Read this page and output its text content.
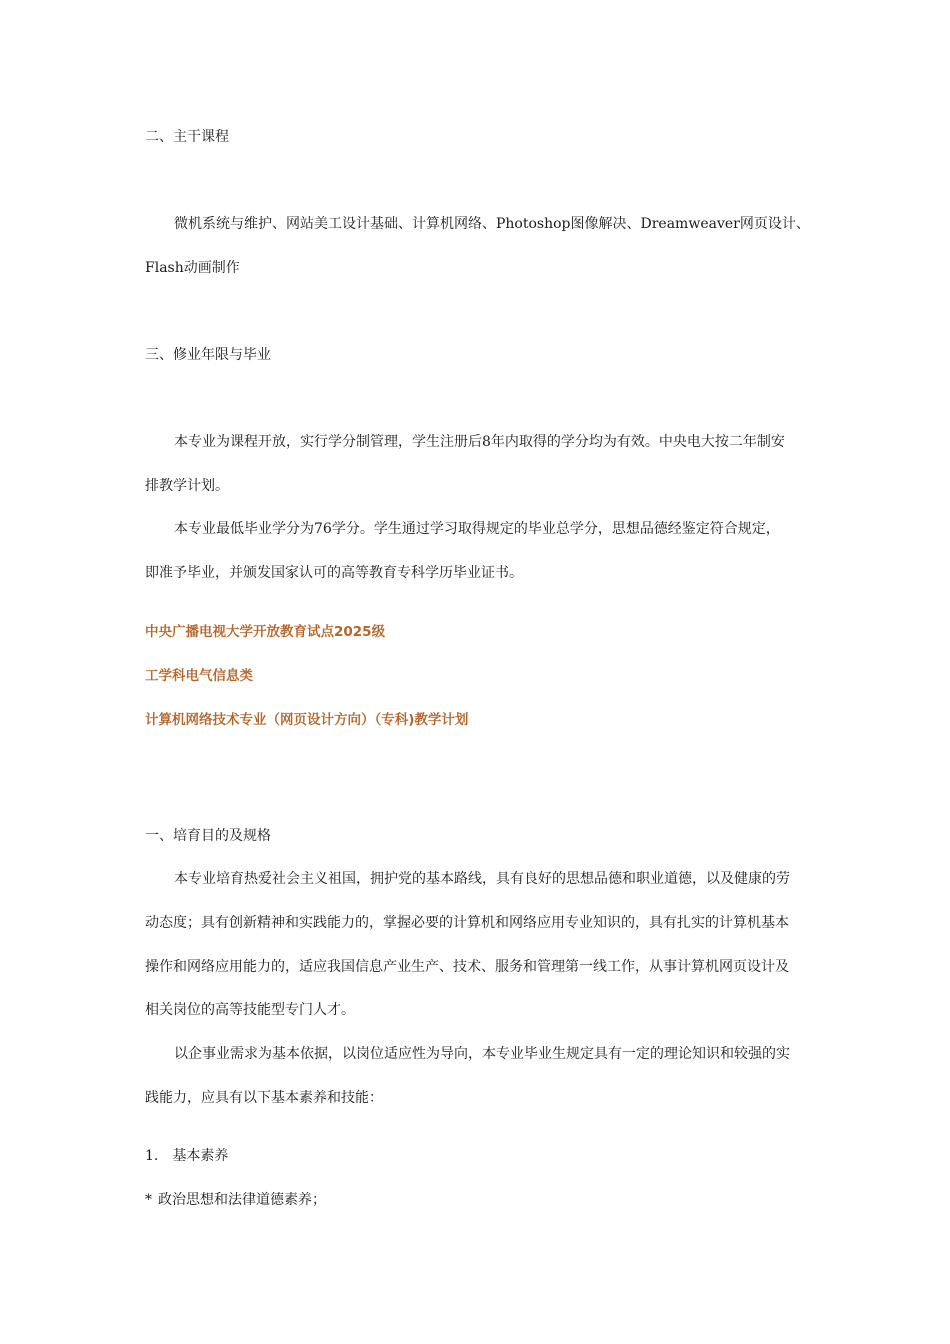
二、主干课程
微机系统与维护、网站美工设计基础、计算机网络、Photoshop图像解决、Dreamweaver网页设计、
Flash动画制作
三、修业年限与毕业
本专业为课程开放，实行学分制管理，学生注册后8年内取得的学分均为有效。中央电大按二年制安
排教学计划。
本专业最低毕业学分为76学分。学生通过学习取得规定的毕业总学分，思想品德经鉴定符合规定，
即准予毕业，并颁发国家认可的高等教育专科学历毕业证书。
中央广播电视大学开放教育试点2025级
工学科电气信息类
计算机网络技术专业（网页设计方向）（专科)教学计划
一、培育目的及规格
本专业培育热爱社会主义祖国，拥护党的基本路线，具有良好的思想品德和职业道德，以及健康的劳
动态度；具有创新精神和实践能力的，掌握必要的计算机和网络应用专业知识的，具有扎实的计算机基本
操作和网络应用能力的，适应我国信息产业生产、技术、服务和管理第一线工作，从事计算机网页设计及
相关岗位的高等技能型专门人才。
以企事业需求为基本依据，以岗位适应性为导向，本专业毕业生规定具有一定的理论知识和较强的实
践能力，应具有以下基本素养和技能：
1. 基本素养
* 政治思想和法律道德素养；
